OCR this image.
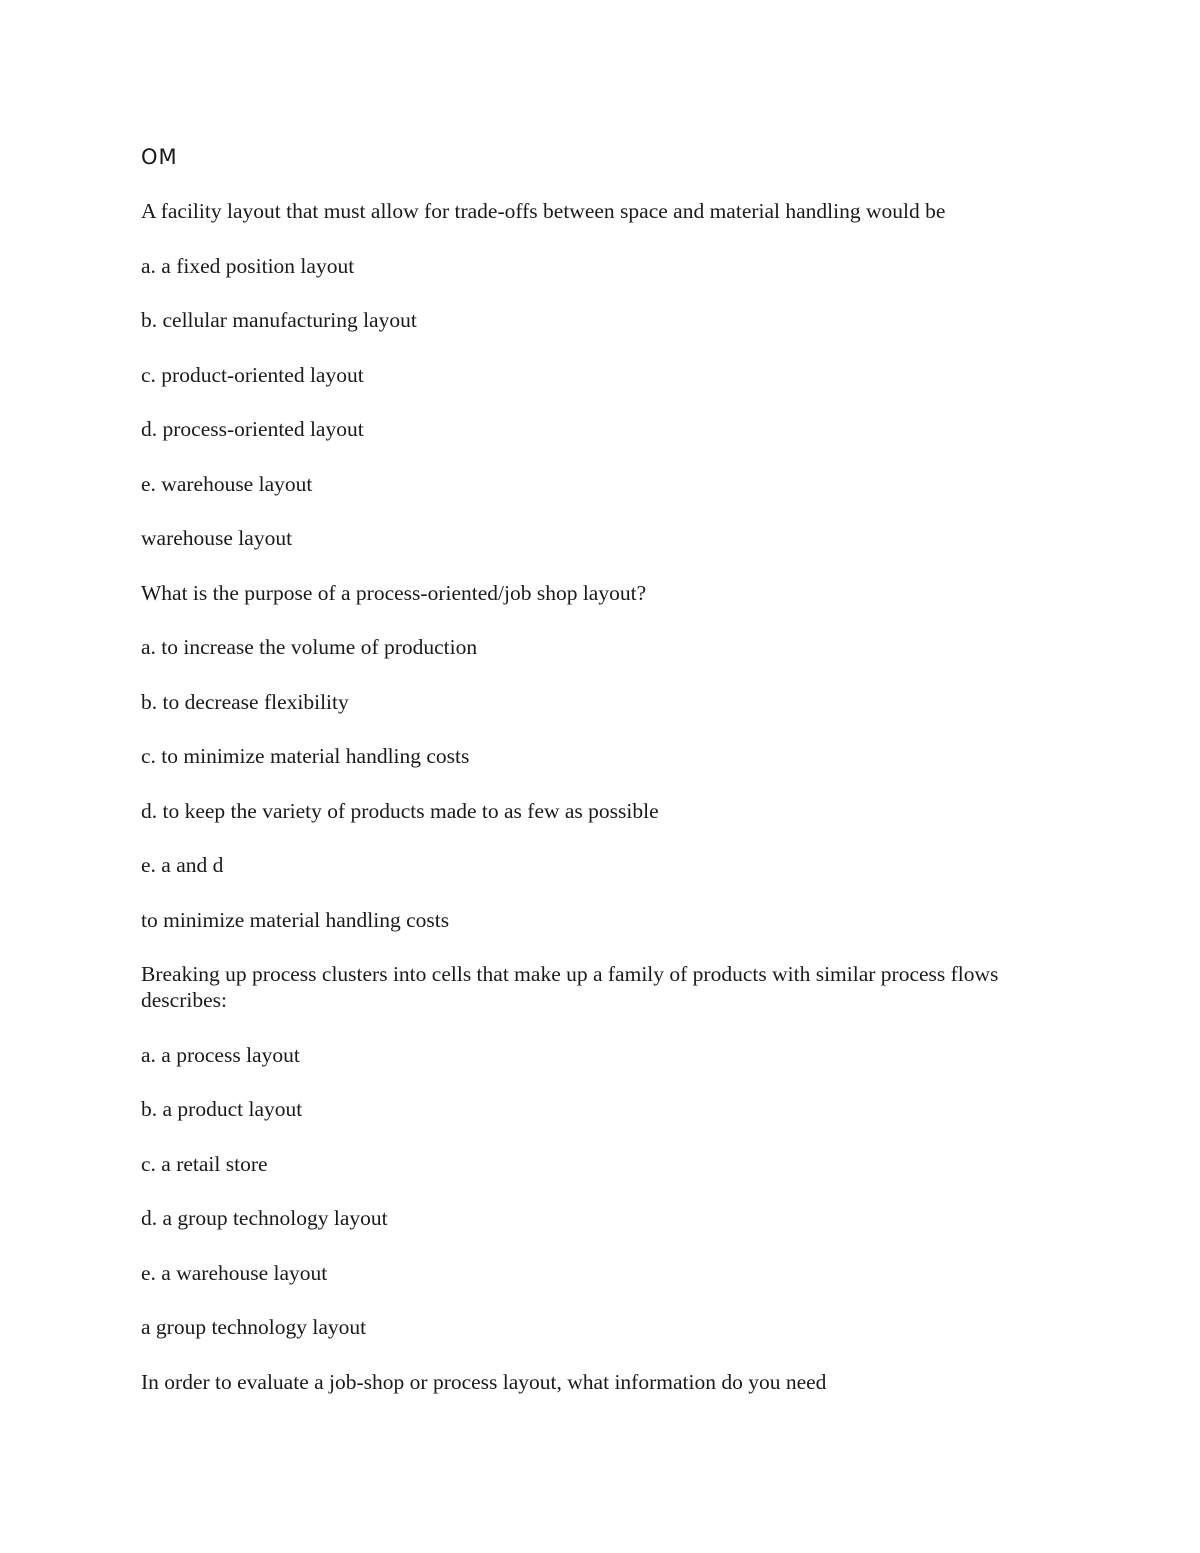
OM

A facility layout that must allow for trade-offs between space and material handling would be

a. a fixed position layout

b. cellular manufacturing layout

c. product-oriented layout

d. process-oriented layout

e. warehouse layout

warehouse layout

What is the purpose of a process-oriented/job shop layout?

a. to increase the volume of production

b. to decrease flexibility

c. to minimize material handling costs

d. to keep the variety of products made to as few as possible

e. a and d

to minimize material handling costs

Breaking up process clusters into cells that make up a family of products with similar process flows describes:

a. a process layout

b. a product layout

c. a retail store

d. a group technology layout

e. a warehouse layout

a group technology layout

In order to evaluate a job-shop or process layout, what information do you need
